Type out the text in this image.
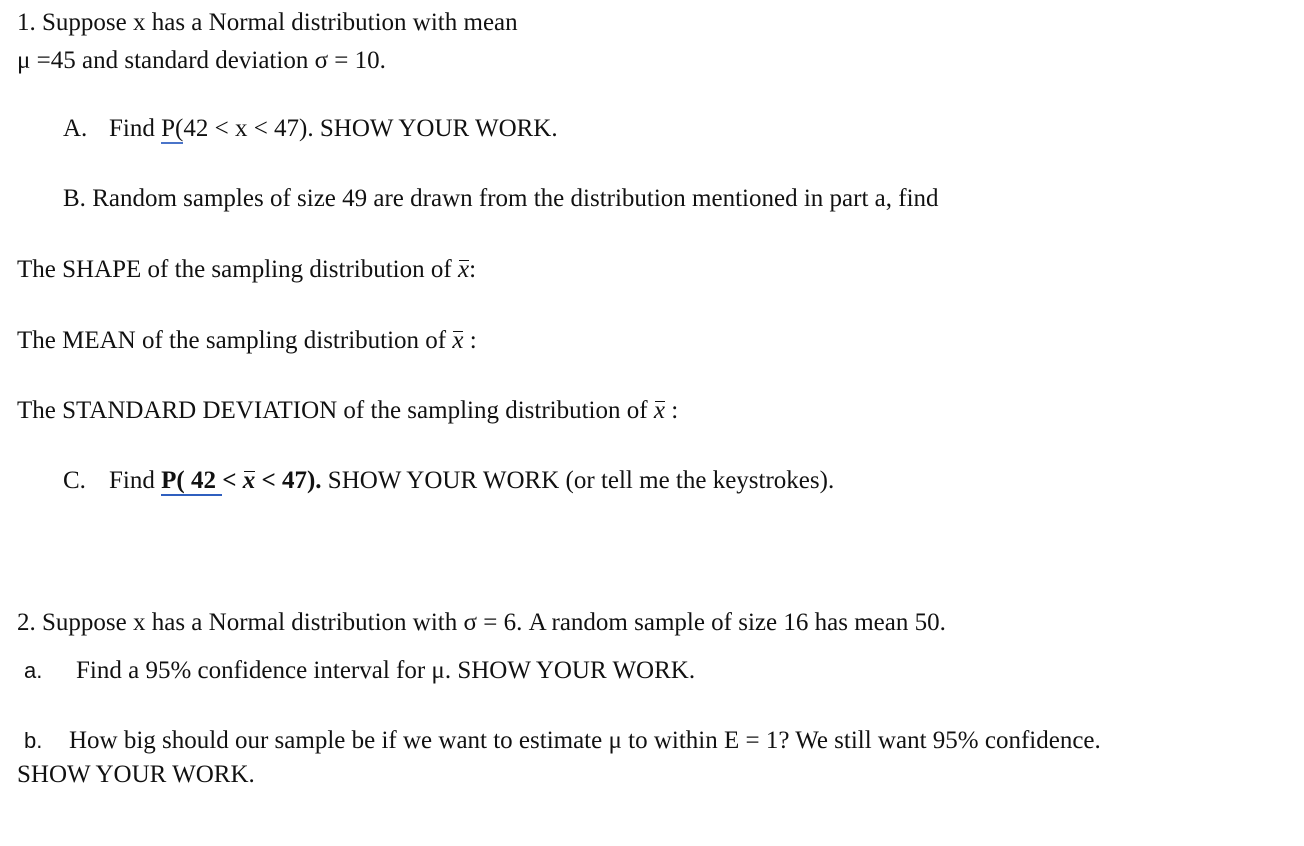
1. Suppose x has a Normal distribution with mean
μ =45 and standard deviation σ = 10.
A. Find P(42 < x < 47). SHOW YOUR WORK.
B. Random samples of size 49 are drawn from the distribution mentioned in part a, find
The SHAPE of the sampling distribution of x:
The MEAN of the sampling distribution of x :
The STANDARD DEVIATION of the sampling distribution of x :
C. Find P( 42 < x < 47). SHOW YOUR WORK (or tell me the keystrokes).
2. Suppose x has a Normal distribution with σ = 6. A random sample of size 16 has mean 50.
a. Find a 95% confidence interval for μ. SHOW YOUR WORK.
b. How big should our sample be if we want to estimate μ to within E = 1? We still want 95% confidence.
SHOW YOUR WORK.
